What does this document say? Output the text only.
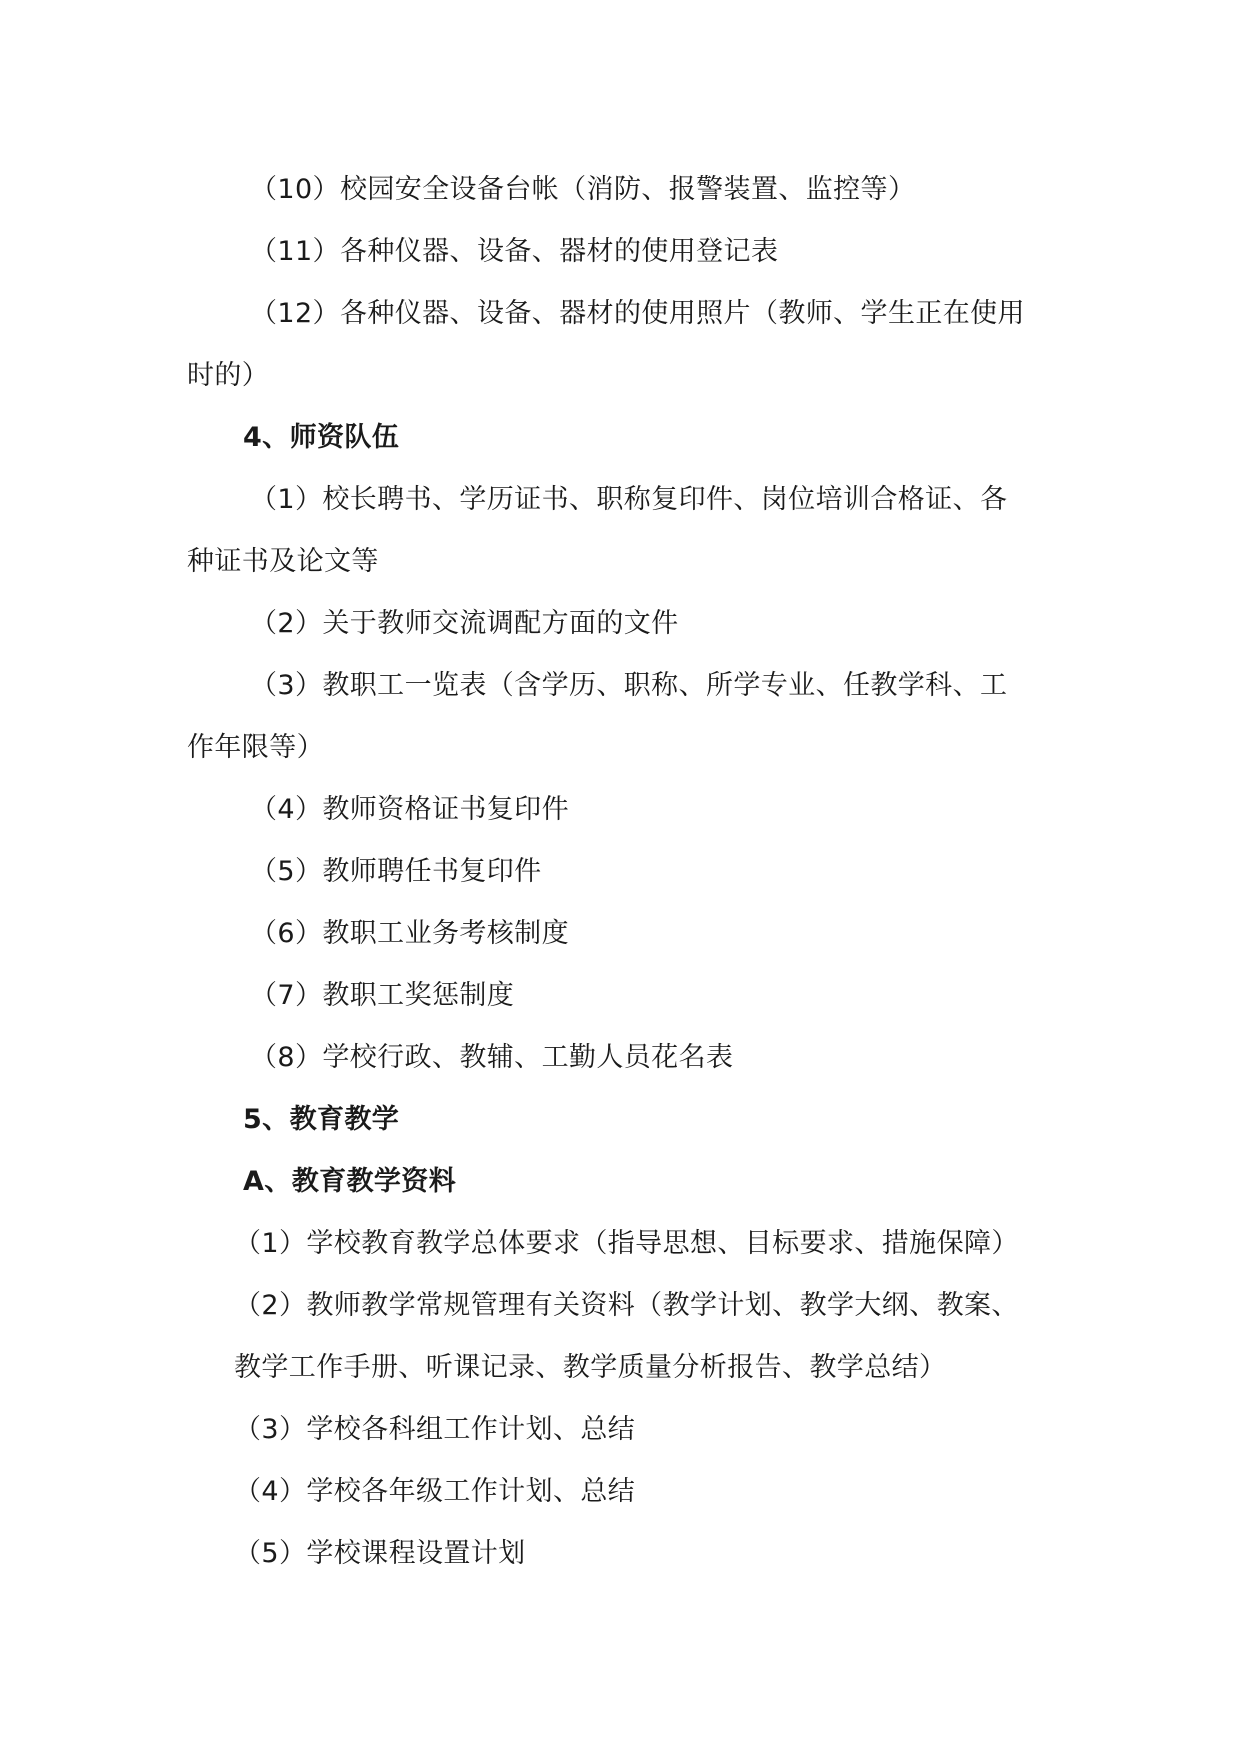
（10）校园安全设备台帐（消防、报警装置、监控等）
（11）各种仪器、设备、器材的使用登记表
（12）各种仪器、设备、器材的使用照片（教师、学生正在使用
时的）
4、师资队伍
（1）校长聘书、学历证书、职称复印件、岗位培训合格证、各
种证书及论文等
（2）关于教师交流调配方面的文件
（3）教职工一览表（含学历、职称、所学专业、任教学科、工
作年限等）
（4）教师资格证书复印件
（5）教师聘任书复印件
（6）教职工业务考核制度
（7）教职工奖惩制度
（8）学校行政、教辅、工勤人员花名表
5、教育教学
A、教育教学资料
（1）学校教育教学总体要求（指导思想、目标要求、措施保障）
（2）教师教学常规管理有关资料（教学计划、教学大纲、教案、
教学工作手册、听课记录、教学质量分析报告、教学总结）
（3）学校各科组工作计划、总结
（4）学校各年级工作计划、总结
（5）学校课程设置计划
